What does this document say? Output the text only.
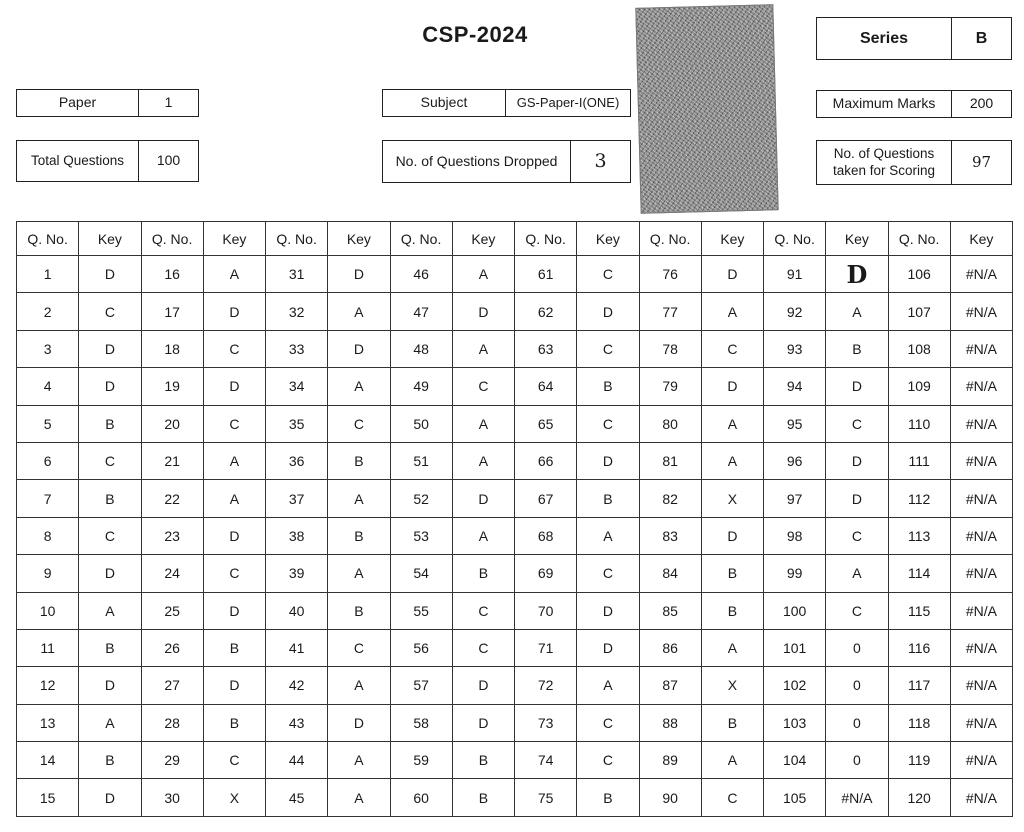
CSP-2024	Series	B
Paper	1	Subject	GS-Paper-I(ONE)	Maximum Marks	200
Total Questions	100	No. of Questions Dropped	3	No. of Questions taken for Scoring	97
Q. No.	Key	Q. No.	Key	Q. No.	Key	Q. No.	Key	Q. No.	Key	Q. No.	Key	Q. No.	Key	Q. No.	Key
1	D	16	A	31	D	46	A	61	C	76	D	91	D	106	#N/A
2	C	17	D	32	A	47	D	62	D	77	A	92	A	107	#N/A
3	D	18	C	33	D	48	A	63	C	78	C	93	B	108	#N/A
4	D	19	D	34	A	49	C	64	B	79	D	94	D	109	#N/A
5	B	20	C	35	C	50	A	65	C	80	A	95	C	110	#N/A
6	C	21	A	36	B	51	A	66	D	81	A	96	D	111	#N/A
7	B	22	A	37	A	52	D	67	B	82	X	97	D	112	#N/A
8	C	23	D	38	B	53	A	68	A	83	D	98	C	113	#N/A
9	D	24	C	39	A	54	B	69	C	84	B	99	A	114	#N/A
10	A	25	D	40	B	55	C	70	D	85	B	100	C	115	#N/A
11	B	26	B	41	C	56	C	71	D	86	A	101	0	116	#N/A
12	D	27	D	42	A	57	D	72	A	87	X	102	0	117	#N/A
13	A	28	B	43	D	58	D	73	C	88	B	103	0	118	#N/A
14	B	29	C	44	A	59	B	74	C	89	A	104	0	119	#N/A
15	D	30	X	45	A	60	B	75	B	90	C	105	#N/A	120	#N/A
